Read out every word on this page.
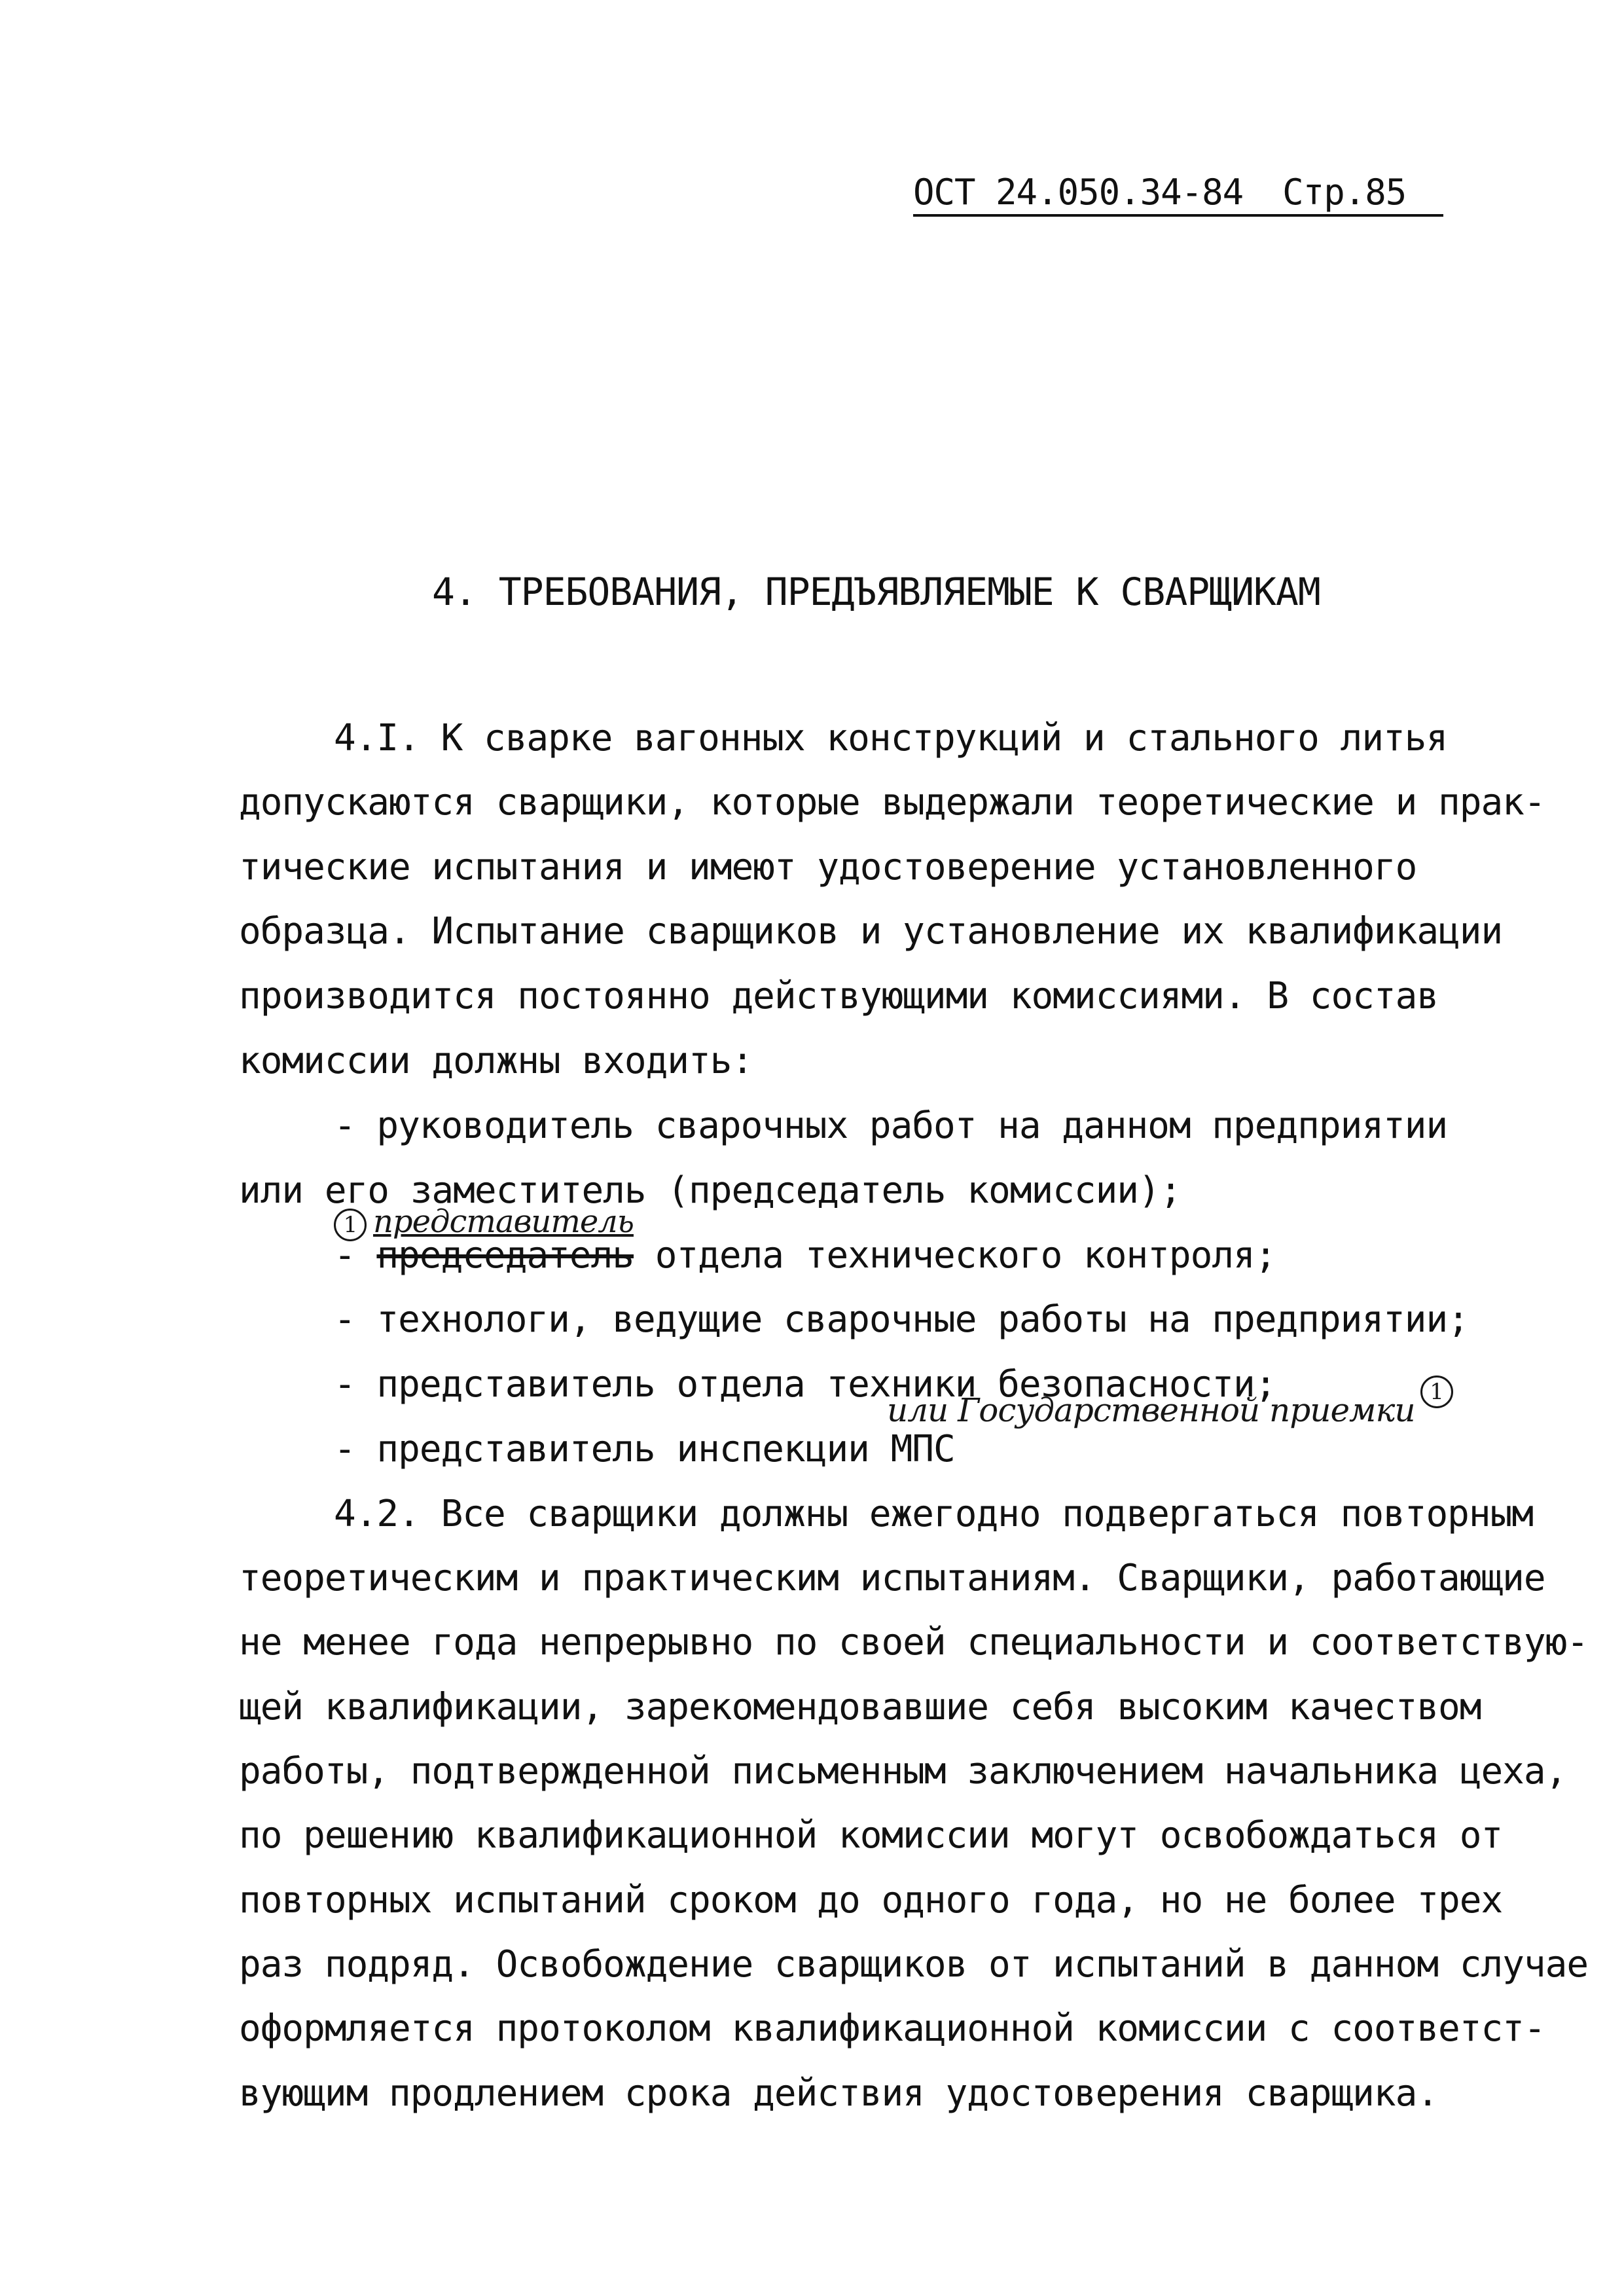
ОСТ 24.050.34-84 Стр.85
4. ТРЕБОВАНИЯ, ПРЕДЪЯВЛЯЕМЫЕ К СВАРЩИКАМ
4.I. К сварке вагонных конструкций и стального литья
допускаются сварщики, которые выдержали теоретические и прак-
тические испытания и имеют удостоверение установленного
образца. Испытание сварщиков и установление их квалификации
производится постоянно действующими комиссиями. В состав
комиссии должны входить:
- руководитель сварочных работ на данном предприятии
или его заместитель (председатель комиссии);
1 представитель
- председатель отдела технического контроля;
- технологи, ведущие сварочные работы на предприятии;
- представитель отдела техники безопасности;
- представитель инспекции МПС
или Государственной приемки 1
4.2. Все сварщики должны ежегодно подвергаться повторным
теоретическим и практическим испытаниям. Сварщики, работающие
не менее года непрерывно по своей специальности и соответствую-
щей квалификации, зарекомендовавшие себя высоким качеством
работы, подтвержденной письменным заключением начальника цеха,
по решению квалификационной комиссии могут освобождаться от
повторных испытаний сроком до одного года, но не более трех
раз подряд. Освобождение сварщиков от испытаний в данном случае
оформляется протоколом квалификационной комиссии с соответст-
вующим продлением срока действия удостоверения сварщика.
